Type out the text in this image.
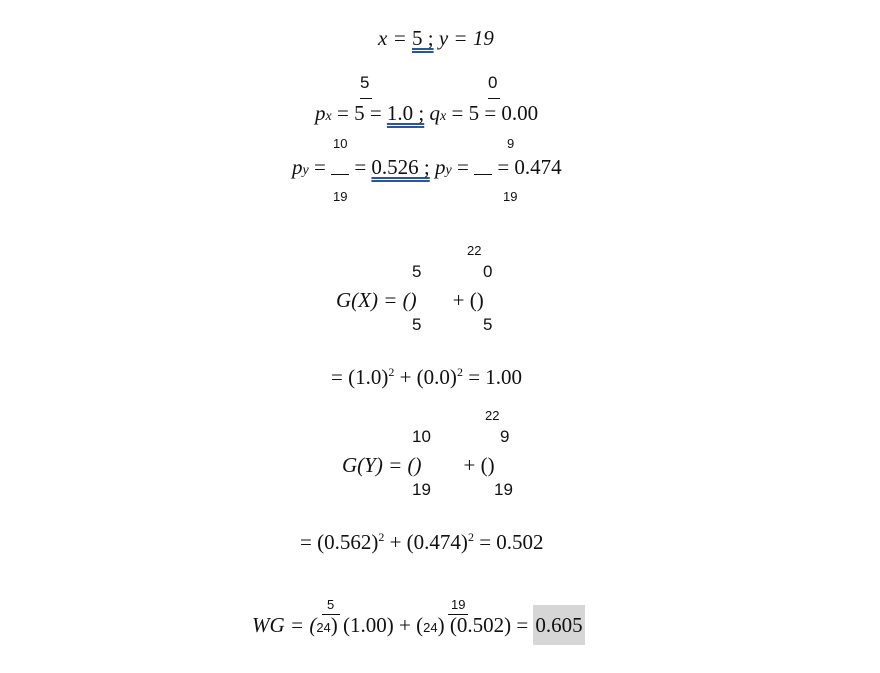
x = 5 ; y = 19
5	0
px = 5 = 1.0 ; qx = 5 = 0.00
10	9
py =  = 0.526 ; py =  = 0.474
19	19
22
5	0
G(X) = () + ()
5	5
= $(1.0)^2 + (0.0)^2 = 1.00$
22
10	9
G(Y) = () + ()
19	19
= $(0.562)^2 + (0.474)^2 = 0.502$
5	19
WG = (24) (1.00) + (24) (0.502) = 0.605
